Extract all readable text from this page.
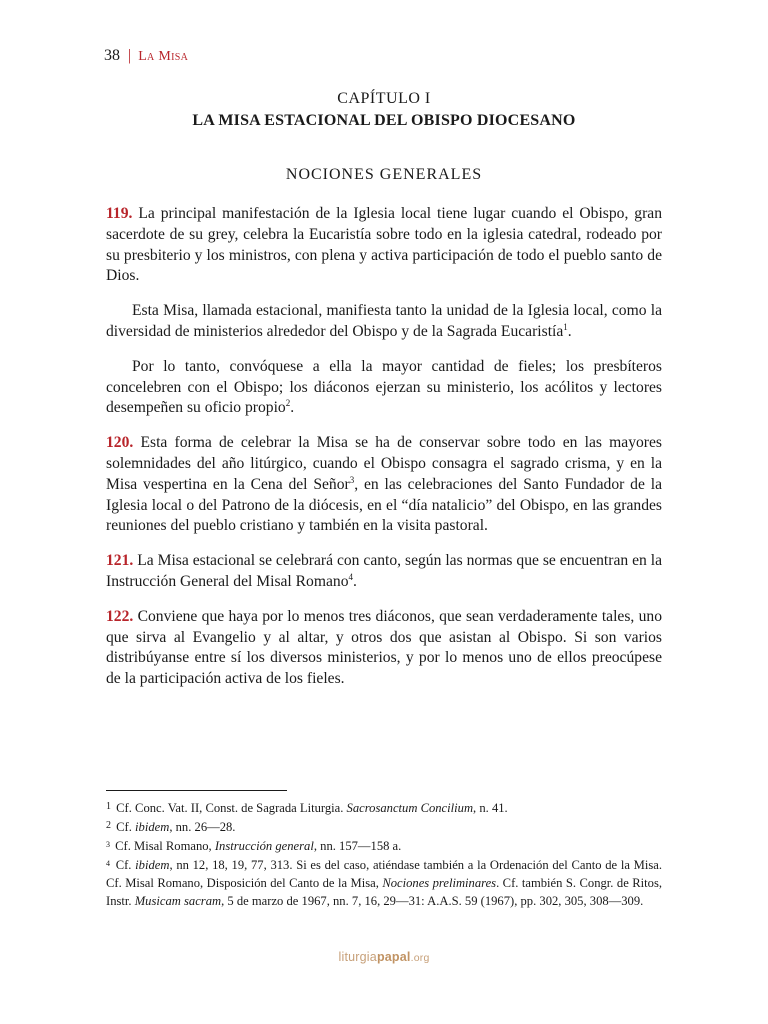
38 | La Misa
CAPÍTULO I
LA MISA ESTACIONAL DEL OBISPO DIOCESANO
NOCIONES GENERALES

119. La principal manifestación de la Iglesia local tiene lugar cuando el Obispo, gran sacerdote de su grey, celebra la Eucaristía sobre todo en la iglesia catedral, rodeado por su presbiterio y los ministros, con plena y activa participación de todo el pueblo santo de Dios.

Esta Misa, llamada estacional, manifiesta tanto la unidad de la Iglesia local, como la diversidad de ministerios alrededor del Obispo y de la Sagrada Eucaristía$^1$.

Por lo tanto, convóquese a ella la mayor cantidad de fieles; los presbíteros concelebren con el Obispo; los diáconos ejerzan su ministerio, los acólitos y lectores desempeñen su oficio propio$^2$.

120. Esta forma de celebrar la Misa se ha de conservar sobre todo en las mayores solemnidades del año litúrgico, cuando el Obispo consagra el sagrado crisma, y en la Misa vespertina en la Cena del Señor$^3$, en las celebraciones del Santo Fundador de la Iglesia local o del Patrono de la diócesis, en el “día natalicio” del Obispo, en las grandes reuniones del pueblo cristiano y también en la visita pastoral.

121. La Misa estacional se celebrará con canto, según las normas que se encuentran en la Instrucción General del Misal Romano$^4$.

122. Conviene que haya por lo menos tres diáconos, que sean verdaderamente tales, uno que sirva al Evangelio y al altar, y otros dos que asistan al Obispo. Si son varios distribúyanse entre sí los diversos ministerios, y por lo menos uno de ellos preocúpese de la participación activa de los fieles.

$^1$ Cf. Conc. Vat. II, Const. de Sagrada Liturgia. Sacrosanctum Concilium, n. 41.

$^2$ Cf. ibidem, nn. 26—28.

$^3$ Cf. Misal Romano, Instrucción general, nn. 157—158 a.

$^4$ Cf. ibidem, nn 12, 18, 19, 77, 313. Si es del caso, atiéndase también a la Ordenación del Canto de la Misa. Cf. Misal Romano, Disposición del Canto de la Misa, Nociones preliminares. Cf. también S. Congr. de Ritos, Instr. Musicam sacram, 5 de marzo de 1967, nn. 7, 16, 29—31: A.A.S. 59 (1967), pp. 302, 305, 308—309.

liturgiapapal.org
